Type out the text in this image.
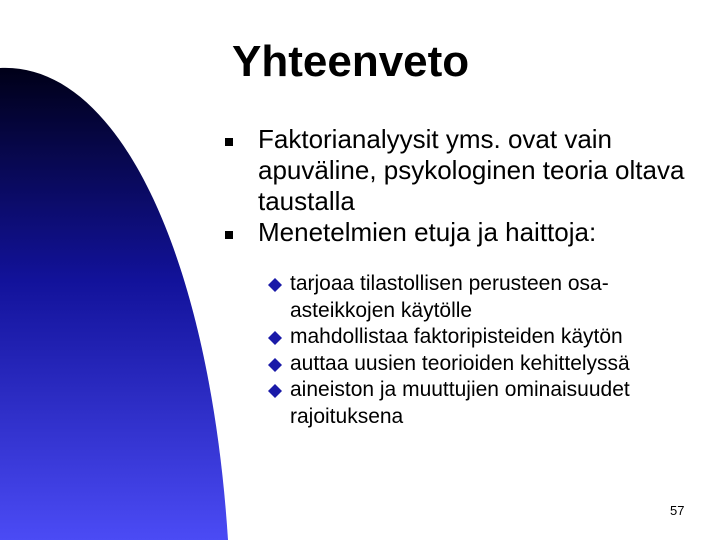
Yhteenveto
Faktorianalyysit yms. ovat vain apuväline, psykologinen teoria oltava taustalla
Menetelmien etuja ja haittoja:
tarjoaa tilastollisen perusteen osa-asteikkojen käytölle
mahdollistaa faktoripisteiden käytön
auttaa uusien teorioiden kehittelyssä
aineiston ja muuttujien ominaisuudet rajoituksena
57
